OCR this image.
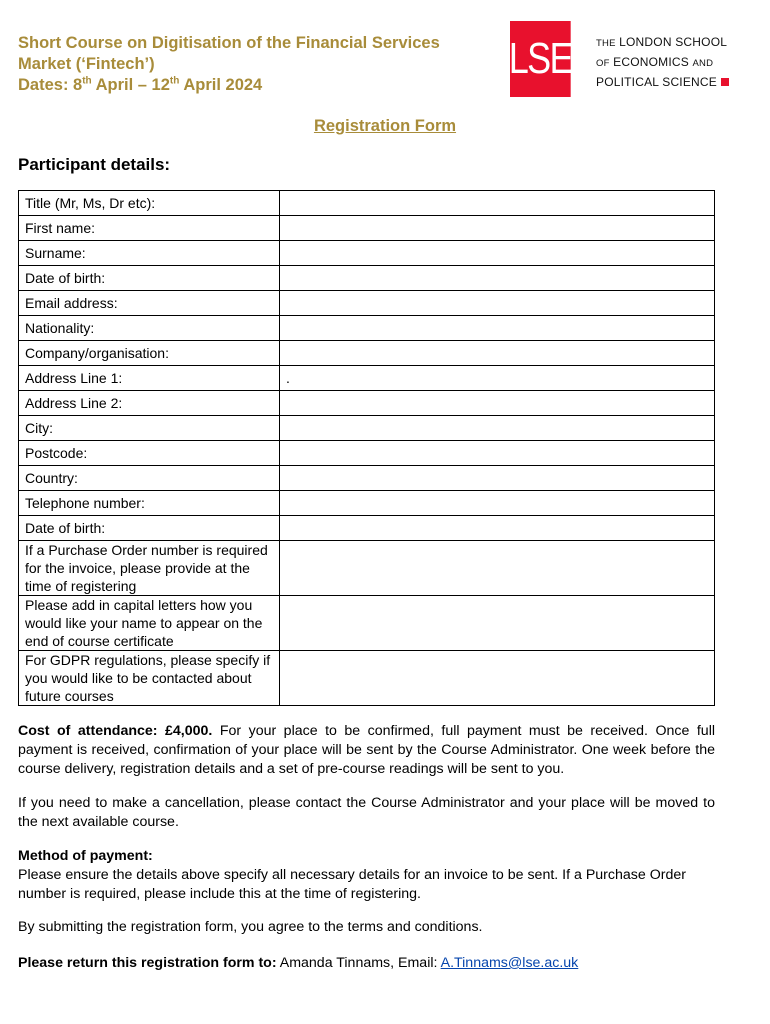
Short Course on Digitisation of the Financial Services
Market (‘Fintech’)
Dates: 8th April – 12th April 2024
LSE	THE LONDON SCHOOL
OF ECONOMICS AND
POLITICAL SCIENCE
Registration Form
Participant details:
Title (Mr, Ms, Dr etc):	
First name:	
Surname:	
Date of birth:	
Email address:	
Nationality:	
Company/organisation:	
Address Line 1:	.
Address Line 2:	
City:	
Postcode:	
Country:	
Telephone number:	
Date of birth:	
If a Purchase Order number is required for the invoice, please provide at the time of registering	
Please add in capital letters how you would like your name to appear on the end of course certificate	
For GDPR regulations, please specify if you would like to be contacted about future courses	
Cost of attendance: £4,000. For your place to be confirmed, full payment must be received. Once full payment is received, confirmation of your place will be sent by the Course Administrator. One week before the course delivery, registration details and a set of pre-course readings will be sent to you.
If you need to make a cancellation, please contact the Course Administrator and your place will be moved to the next available course.
Method of payment:
Please ensure the details above specify all necessary details for an invoice to be sent. If a Purchase Order number is required, please include this at the time of registering.
By submitting the registration form, you agree to the terms and conditions.
Please return this registration form to: Amanda Tinnams, Email: A.Tinnams@lse.ac.uk
